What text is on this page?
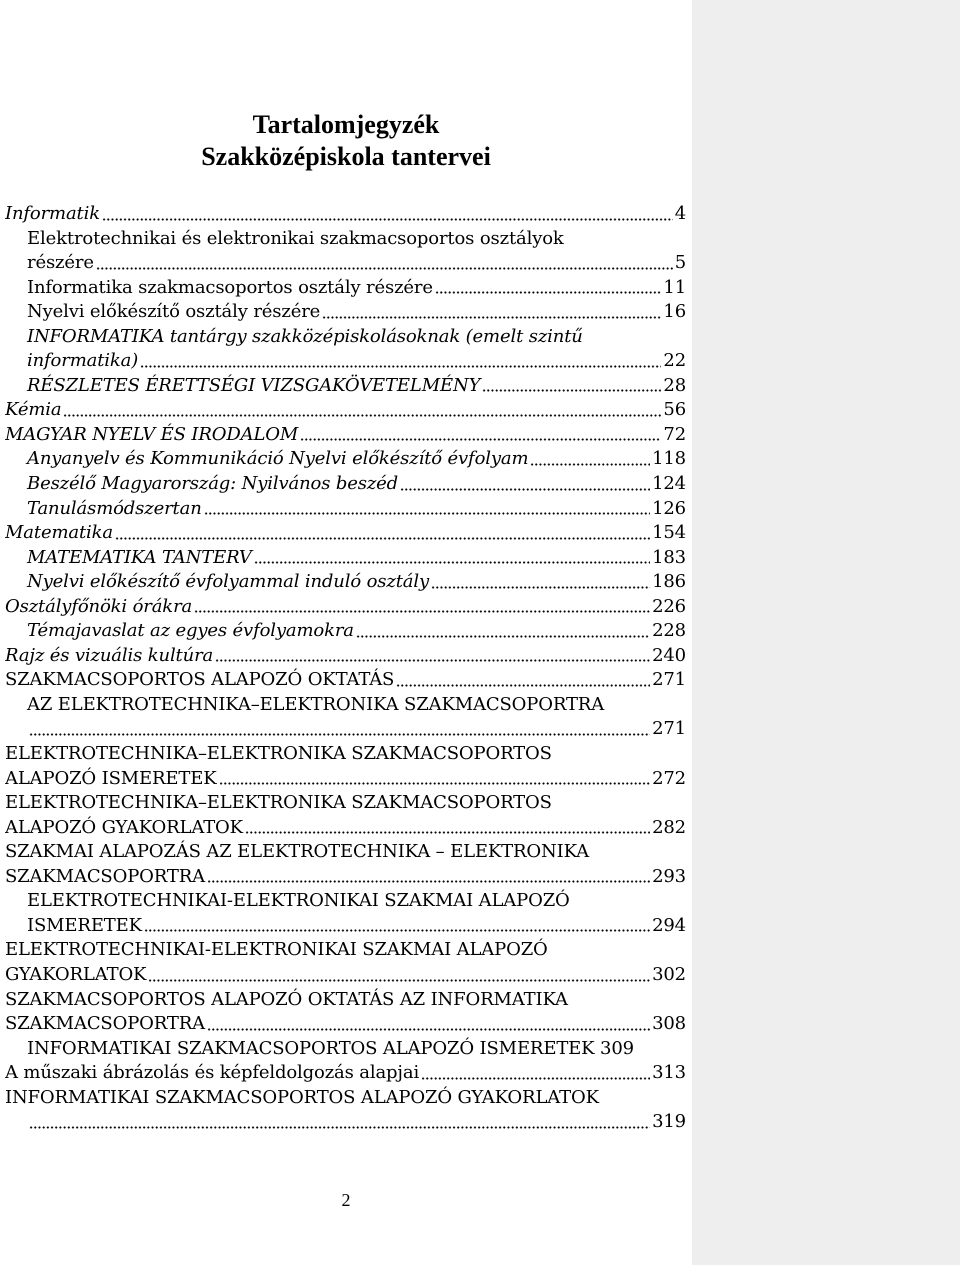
Tartalomjegyzék
Szakközépiskola tantervei
Informatik	4
Elektrotechnikai és elektronikai szakmacsoportos osztályok
részére	5
Informatika szakmacsoportos osztály részére	11
Nyelvi előkészítő osztály részére	16
INFORMATIKA tantárgy szakközépiskolásoknak (emelt szintű
informatika)	22
RÉSZLETES ÉRETTSÉGI VIZSGAKÖVETELMÉNY	28
Kémia	56
MAGYAR NYELV ÉS IRODALOM	72
Anyanyelv és Kommunikáció Nyelvi előkészítő évfolyam	118
Beszélő Magyarország: Nyilvános beszéd	124
Tanulásmódszertan	126
Matematika	154
MATEMATIKA TANTERV	183
Nyelvi előkészítő évfolyammal induló osztály	186
Osztályfőnöki órákra	226
Témajavaslat az egyes évfolyamokra	228
Rajz és vizuális kultúra	240
SZAKMACSOPORTOS ALAPOZÓ OKTATÁS	271
AZ ELEKTROTECHNIKA–ELEKTRONIKA SZAKMACSOPORTRA
271
ELEKTROTECHNIKA–ELEKTRONIKA SZAKMACSOPORTOS
ALAPOZÓ ISMERETEK	272
ELEKTROTECHNIKA–ELEKTRONIKA SZAKMACSOPORTOS
ALAPOZÓ GYAKORLATOK	282
SZAKMAI ALAPOZÁS AZ ELEKTROTECHNIKA – ELEKTRONIKA
SZAKMACSOPORTRA	293
ELEKTROTECHNIKAI-ELEKTRONIKAI SZAKMAI ALAPOZÓ
ISMERETEK	294
ELEKTROTECHNIKAI-ELEKTRONIKAI SZAKMAI ALAPOZÓ
GYAKORLATOK	302
SZAKMACSOPORTOS ALAPOZÓ OKTATÁS AZ INFORMATIKA
SZAKMACSOPORTRA	308
INFORMATIKAI SZAKMACSOPORTOS ALAPOZÓ ISMERETEK 309
A műszaki ábrázolás és képfeldolgozás alapjai	313
INFORMATIKAI SZAKMACSOPORTOS ALAPOZÓ GYAKORLATOK
319
2
